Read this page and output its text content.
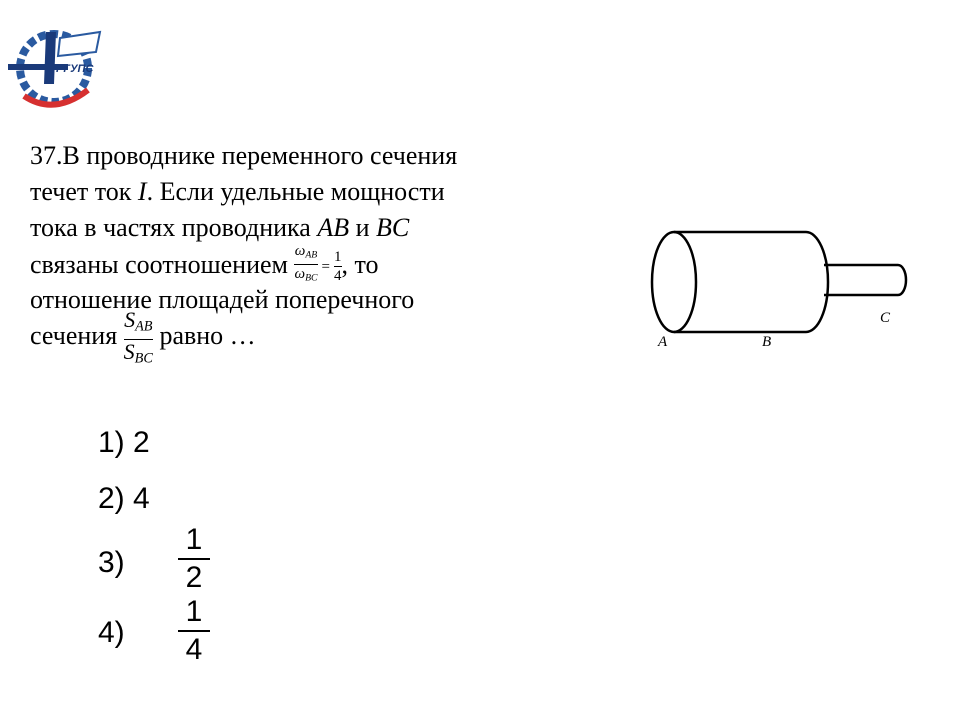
РГУПС
37.В проводнике переменного сечения
течет ток I. Если удельные мощности
тока в частях проводника AB и BC
связаны соотношением $\frac{\omega_{AB}}{\omega_{BC}} = \frac{1}{4}$ , то
отношение площадей поперечного
сечения $\frac{S_{AB}}{S_{BC}}$ равно …	A	B
C
1) 2
2) 4
3)
1
2
4)
1
4
